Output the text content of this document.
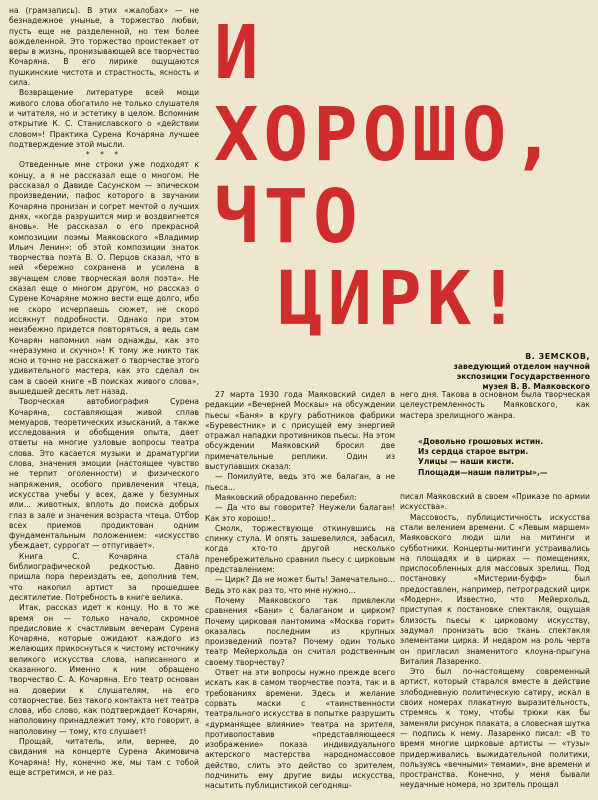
на (грамзапись). В этих «жалобах» — не безнадежное унынье, а торжество любви, пусть еще не разделенной, но тем более вожделенной. Это торжество проистекает от веры в жизнь, пронизывающей все творчество Кочаряна. В его лирике ощущаются пушкинские чистота и страстность, ясность и сила.

Возвращение литературе всей мощи живого слова обогатило не только слушателя и читателя, но и эстетику в целом. Вспомним открытие К. С. Станиславского о «действии словом»! Практика Сурена Кочаряна лучшее подтверждение этой мысли.

* * *

Отведенные мне строки уже подходят к концу, а я не рассказал еще о многом. Не рассказал о Давиде Сасунском — эпическом произведении, пафос которого в звучании Кочаряна пронизан и согрет мечтой о лучших днях, «когда разрушится мир и воздвигнется вновь». Не рассказал о его прекрасной композиции поэмы Маяковского «Владимир Ильич Ленин»: об этой композиции знаток творчества поэта В. О. Перцов сказал, что в ней «бережно сохранена и усилена в звучащем слове творческая воля поэта». Не сказал еще о многом другом, но рассказ о Сурене Кочаряне можно вести еще долго, ибо не скоро исчерпаешь сюжет, не скоро иссякнут подробности. Однако при этом неизбежно придется повторяться, а ведь сам Кочарян напомнил нам однажды, как это «неразумно и скучно»! К тому же никто так ясно и точно не расскажет о творчестве этого удивительного мастера, как это сделал он сам в своей книге «В поисках живого слова», вышедшей десять лет назад.

Творческая автобиография Сурена Кочаряна, составляющая живой сплав мемуаров, теоретических изысканий, а также исследования и обобщения опыта, дает ответы на многие узловые вопросы театра слова. Это касается музыки и драматургии слова, значения эмоции (настоящее чувство не терпит оголенности) и физического напряжения, особого привлечения чтеца, искусства учебы у всех, даже у безумных или... животных, вплоть до поиска добрых глаз в зале и значения возраста чтеца. Отбор всех приемов продиктован одним фундаментальным положением: «искусство убеждает, суррогат — отпугивает».

Книга С. Кочаряна стала библиографической редкостью. Давно пришла пора переиздать ее, дополнив тем, что накопил артист за прошедшее десятилетие. Потребность в книге велика.

Итак, рассказ идет к концу. Но в то же время он — только начало, скромное предисловие к счастливым вечерам Сурена Кочаряна, которые ожидают каждого из желающих прикоснуться к чистому источнику великого искусства слова, написанного и сказанного. Именно к ним обращено творчество С. А. Кочаряна. Его театр основан на доверии к слушателям, на его сотворчестве. Без такого контакта нет театра слова, ибо слово, как подтверждает Кочарян, наполовину принадлежит тому, кто говорит, а наполовину — тому, кто слушает!

Прощай, читатель, или, вернее, до свидания на концерте Сурена Акимовича Кочаряна! Ну, конечно же, мы там с тобой еще встретимся, и не раз.

И
ХОРОШО,
ЧТО
ЦИРК!
В. ЗЕМСКОВ,
заведующий отделом научной
экспозиции Государственного
музея В. В. Маяковского

27 марта 1930 года Маяковский сидел в редакции «Вечерней Москвы» на обсуждении пьесы «Баня» в кругу работников фабрики «Буревестник» и с присущей ему энергией отражал нападки противников пьесы. На этом обсуждении Маяковский бросил две примечательные реплики. Один из выступавших сказал:

— Помилуйте, ведь это же балаган, а не пьеса...

Маяковский обрадованно перебил:

— Да что вы говорите? Неужели балаган! Как это хорошо!..

Смолк, торжествующе откинувшись на спинку стула. И опять зашевелился, забасил, когда кто-то другой несколько пренебрежительно сравнил пьесу с цирковым представлением:

— Цирк? Да не может быть! Замечательно... Ведь это как раз то, что мне нужно...

Почему Маяковского так привлекли сравнения «Бани» с балаганом и цирком? Почему цирковая пантомима «Москва горит» оказалась последним из крупных произведений поэта? Почему один только театр Мейерхольда он считал родственным своему творчеству?

Ответ на эти вопросы нужно прежде всего искать как в самом творчестве поэта, так и в требованиях времени. Здесь и желание сорвать маски с «таинственности театрального искусства в попытке разрушить «дурманящее влияние» театра на зрителя, противопоставив «представляющееся изображение» показа индивидуального актерского мастерства народномассовое действо, слить это действо со зрителем, подчинить ему другие виды искусства, насытить публицистикой сегодняш-

него дня. Такова в основном была творческая целеустремленность Маяковского, как мастера зрелищного жанра.

«Довольно грошовых истин.
Из сердца старое вытри.
Улицы — наши кисти.
Площади—наши палитры»,—

писал Маяковский в своем «Приказе по армии искусства».

Массовость, публицистичность искусства стали велением времени. С «Левым маршем» Маяковского люди шли на митинги и субботники. Концерты-митинги устраивались на площадях и в цирках — помещениях, приспособленных для массовых зрелищ. Под постановку «Мистерии-буфф» был предоставлен, например, петроградский цирк «Модерн». Известно, что Мейерхольд, приступая к постановке спектакля, ощущая близость пьесы к цирковому искусству, задумал пронизать всю ткань спектакля элементами цирка. И недаром на роль черта он пригласил знаменитого клоуна-прыгуна Виталия Лазаренко.

Это был по-настоящему современный артист, который старался вместе в действие злободневную политическую сатиру, искал в своих номерах плакатную выразительность, стремясь к тому, чтобы трюки как бы заменяли рисунок плаката, а словесная шутка — подпись к нему. Лазаренко писал: «В то время многие цирковые артисты — «тузы» придерживались выжидательной политики, пользуясь «вечными» темами», вне времени и пространства. Конечно, у меня бывали неудачные номера, но зритель прощал
